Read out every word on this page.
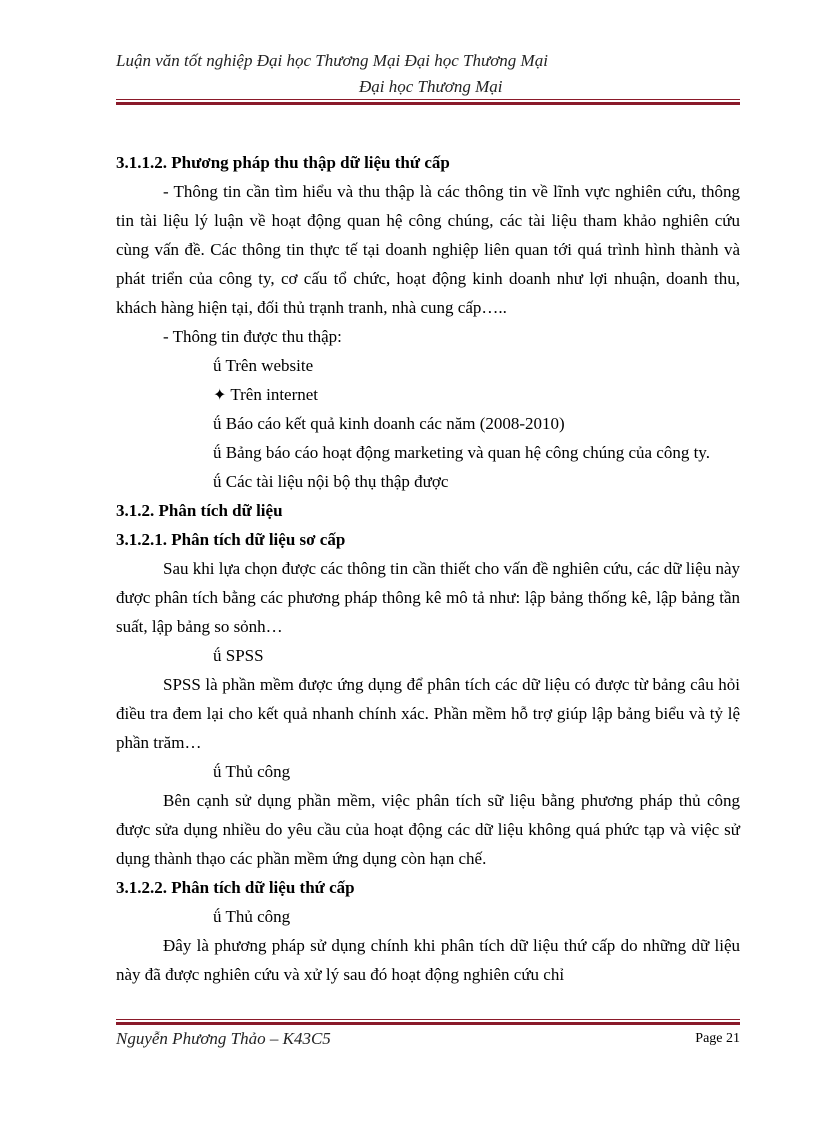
Luận văn tốt nghiệp Đại học Thương Mại Đại học Thương Mại
Đại học Thương Mại

3.1.1.2. Phương pháp thu thập dữ liệu thứ cấp

- Thông tin cần tìm hiểu và thu thập là các thông tin về lĩnh vực nghiên cứu, thông tin tài liệu lý luận về hoạt động quan hệ công chúng, các tài liệu tham khảo nghiên cứu cùng vấn đề. Các thông tin thực tế tại doanh nghiệp liên quan tới quá trình hình thành và phát triển của công ty, cơ cấu tổ chức, hoạt động kinh doanh như lợi nhuận, doanh thu, khách hàng hiện tại, đối thủ trạnh tranh, nhà cung cấp…..

- Thông tin được thu thập:

ǘ Trên website

✦ Trên internet

ǘ Báo cáo kết quả kinh doanh các năm (2008-2010)

ǘ Bảng báo cáo hoạt động marketing và quan hệ công chúng của công ty.

ǘ Các tài liệu nội bộ thụ thập được

3.1.2. Phân tích dữ liệu

3.1.2.1. Phân tích dữ liệu sơ cấp

Sau khi lựa chọn được các thông tin cần thiết cho vấn đề nghiên cứu, các dữ liệu này được phân tích bằng các phương pháp thông kê mô tả như: lập bảng thống kê, lập bảng tần suất, lập bảng so sỏnh…

ǘ SPSS

SPSS là phần mềm được ứng dụng để phân tích các dữ liệu có được từ bảng câu hỏi điều tra đem lại cho kết quả nhanh chính xác. Phần mềm hỗ trợ giúp lập bảng biểu và tỷ lệ phần trăm…

ǘ Thủ công

Bên cạnh sử dụng phần mềm, việc phân tích sữ liệu bằng phương pháp thủ công được sửa dụng nhiều do yêu cầu của hoạt động các dữ liệu không quá phức tạp và việc sử dụng thành thạo các phần mềm ứng dụng còn hạn chế.

3.1.2.2. Phân tích dữ liệu thứ cấp

ǘ Thủ công

Đây là phương pháp sử dụng chính khi phân tích dữ liệu thứ cấp do những dữ liệu này đã được nghiên cứu và xử lý sau đó hoạt động nghiên cứu chỉ

Nguyễn Phương Thảo – K43C5	Page 21
